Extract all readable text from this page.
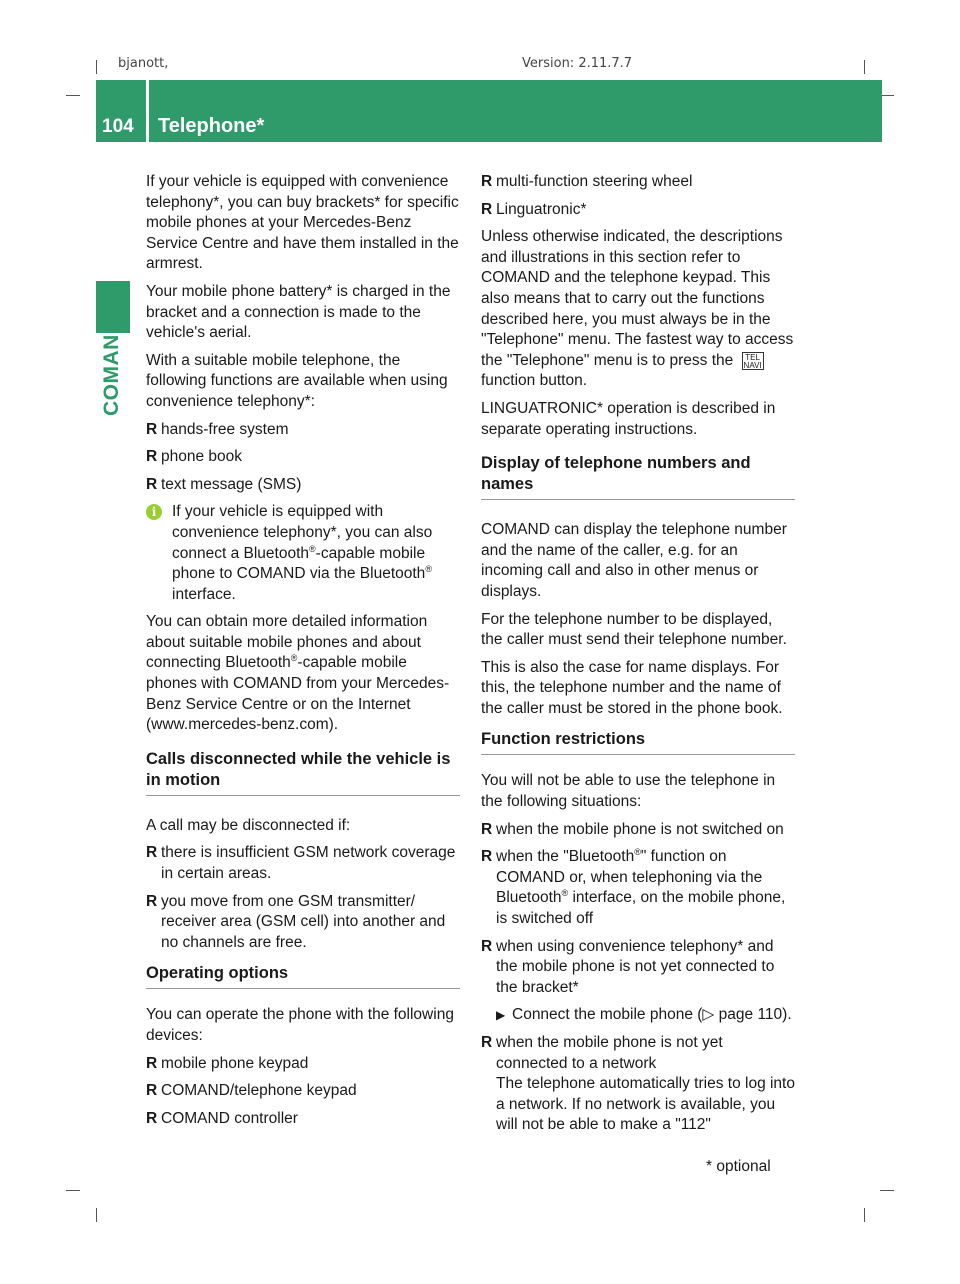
bjanott,	Version: 2.11.7.7
104 Telephone*
COMAND

If your vehicle is equipped with convenience telephony*, you can buy brackets* for specific mobile phones at your Mercedes-Benz Service Centre and have them installed in the armrest.

Your mobile phone battery* is charged in the bracket and a connection is made to the vehicle's aerial.

With a suitable mobile telephone, the following functions are available when using convenience telephony*:

R hands-free system
R phone book
R text message (SMS)
i	If your vehicle is equipped with convenience telephony*, you can also connect a Bluetooth®-capable mobile phone to COMAND via the Bluetooth® interface.

You can obtain more detailed information about suitable mobile phones and about connecting Bluetooth®-capable mobile phones with COMAND from your Mercedes-Benz Service Centre or on the Internet (www.mercedes-benz.com).

Calls disconnected while the vehicle is in motion

A call may be disconnected if:

R there is insufficient GSM network coverage in certain areas.
R you move from one GSM transmitter/ receiver area (GSM cell) into another and no channels are free.
Operating options

You can operate the phone with the following devices:

R mobile phone keypad
R COMAND/telephone keypad
R COMAND controller
R multi-function steering wheel
R Linguatronic*

Unless otherwise indicated, the descriptions and illustrations in this section refer to COMAND and the telephone keypad. This also means that to carry out the functions described here, you must always be in the "Telephone" menu. The fastest way to access the "Telephone" menu is to press the	TEL
NAVI
function button.

LINGUATRONIC* operation is described in separate operating instructions.

Display of telephone numbers and names

COMAND can display the telephone number and the name of the caller, e.g. for an incoming call and also in other menus or displays.

For the telephone number to be displayed, the caller must send their telephone number.

This is also the case for name displays. For this, the telephone number and the name of the caller must be stored in the phone book.

Function restrictions

You will not be able to use the telephone in the following situations:

R when the mobile phone is not switched on
R when the "Bluetooth®" function on COMAND or, when telephoning via the Bluetooth® interface, on the mobile phone, is switched off
R when using convenience telephony* and the mobile phone is not yet connected to the bracket*
▶ Connect the mobile phone (▷ page 110).
R when the mobile phone is not yet connected to a network
The telephone automatically tries to log into a network. If no network is available, you will not be able to make a "112"
* optional
